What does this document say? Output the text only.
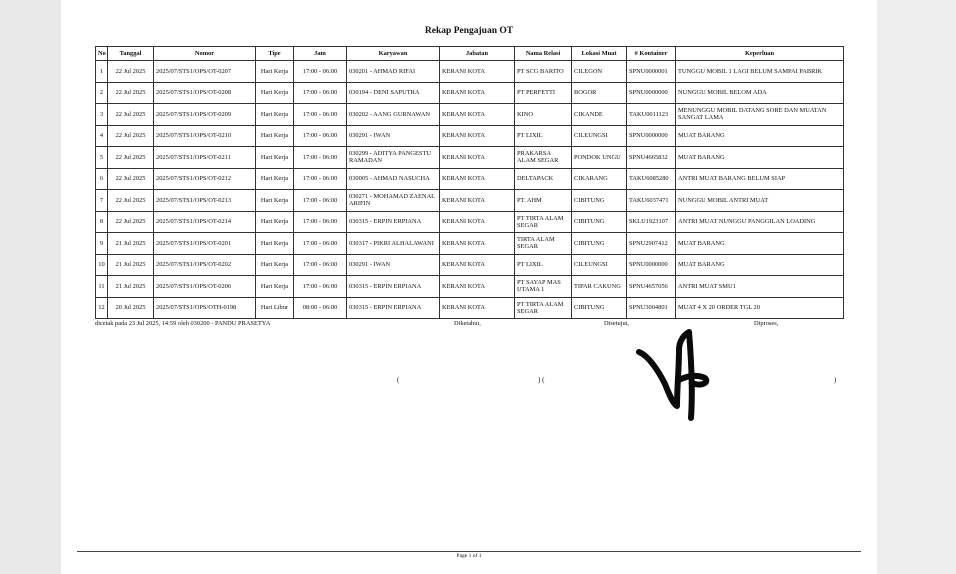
Rekap Pengajuan OT
No	Tanggal	Nomor	Tipe	Jam	Karyawan	Jabatan	Nama Relasi	Lokasi Muat	# Kontainer	Keperluan
1	22 Jul 2025	2025/07/STS1/OPS/OT-0207	Hari Kerja	17:00 - 06:00	030201 - AHMAD RIFAI	KERANI KOTA	PT SCG BARITO	CILEGON	SPNU0000001	TUNGGU MOBIL 1 LAGI BELUM SAMPAI PABRIK
2	22 Jul 2025	2025/07/STS1/OPS/OT-0208	Hari Kerja	17:00 - 06:00	030194 - DENI SAPUTRA	KERANI KOTA	PT PERFETTI	BOGOR	SPNU0000000	NUNGGU MOBIL BELOM ADA
3	22 Jul 2025	2025/07/STS1/OPS/OT-0209	Hari Kerja	17:00 - 06:00	030202 - AANG GURNAWAN	KERANI KOTA	KINO	CIKANDE	TAKU0011123	MENUNGGU MOBIL DATANG SORE DAN MUATAN SANGAT LAMA
4	22 Jul 2025	2025/07/STS1/OPS/OT-0210	Hari Kerja	17:00 - 06:00	030291 - IWAN	KERANI KOTA	PT LIXIL	CILEUNGSI	SPNU0000000	MUAT BARANG
5	22 Jul 2025	2025/07/STS1/OPS/OT-0211	Hari Kerja	17:00 - 06:00	030299 - ADITYA PANGESTU RAMADAN	KERANI KOTA	PRAKARSA ALAM SEGAR	PONDOK UNGU	SPNU4665832	MUAT BARANG
6	22 Jul 2025	2025/07/STS1/OPS/OT-0212	Hari Kerja	17:00 - 06:00	030005 - AHMAD NASUCHA	KERANI KOTA	DELTAPACK	CIKARANG	TAKU6085280	ANTRI MUAT BARANG BELUM SIAP
7	22 Jul 2025	2025/07/STS1/OPS/OT-0213	Hari Kerja	17:00 - 06:00	030271 - MOHAMAD ZAENAL ARIFIN	KERANI KOTA	PT. AHM	CIBITUNG	TAKU6037471	NUNGGU MOBIL ANTRI MUAT
8	22 Jul 2025	2025/07/STS1/OPS/OT-0214	Hari Kerja	17:00 - 06:00	030315 - ERPIN ERPIANA	KERANI KOTA	PT TIRTA ALAM SEGAR	CIBITUNG	SKLU1923107	ANTRI MUAT NUNGGU PANGGILAN LOADING
9	21 Jul 2025	2025/07/STS1/OPS/OT-0201	Hari Kerja	17:00 - 06:00	030317 - PIKRI ALHALAWANI	KERANI KOTA	TIRTA ALAM SEGAR	CIBITUNG	SPNU2907412	MUAT BARANG
10	21 Jul 2025	2025/07/STS1/OPS/OT-0202	Hari Kerja	17:00 - 06:00	030291 - IWAN	KERANI KOTA	PT LIXIL	CILEUNGSI	SPNU0000000	MUAT BARANG
11	21 Jul 2025	2025/07/STS1/OPS/OT-0206	Hari Kerja	17:00 - 06:00	030315 - ERPIN ERPIANA	KERANI KOTA	PT SAYAP MAS UTAMA 1	TIPAR CAKUNG	SPNU4657056	ANTRI MUAT SMU1
12	20 Jul 2025	2025/07/STS1/OPS/OTH-0198	Hari Libur	08:00 - 06:00	030315 - ERPIN ERPIANA	KERANI KOTA	PT TIRTA ALAM SEGAR	CIBITUNG	SPNU3004801	MUAT 4 X 20 ORDER TGL 20
dicetak pada 23 Jul 2025, 14:59 oleh 030200 - PANDU PRASETYA	Diketahui,	Disetujui,	Diproses,
(	) (	) (	)
Page 1 of 1
